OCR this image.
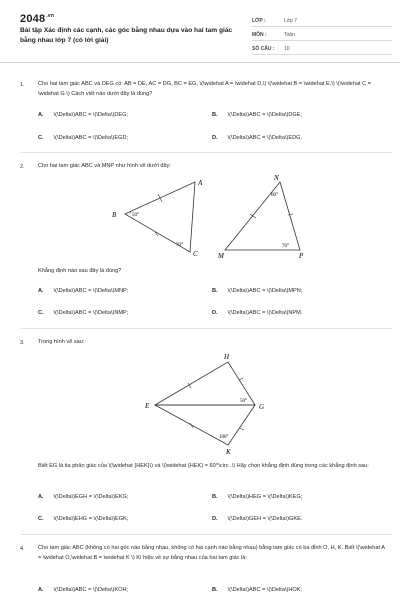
$2048^{.vn}$
Bài tập Xác định các cạnh, các góc bằng nhau dựa vào hai tam giác bằng nhau lớp 7 (có lời giải)
LỚP :	Lớp 7
MÔN :	Toán
SỐ CÂU : 10
1. Cho hai tam giác ABC và DEG có: AB = DE, AC = DG, BC = EG, \(\widehat A = \widehat D,\) \(\widehat B = \widehat E,\) \(\widehat C = \widehat G.\) Cách viết nào dưới đây là đúng?
A. \(\Delta\)ABC = \(\Delta\)DEG;	B. \(\Delta\)ABC = \(\Delta\)DGE;
C. \(\Delta\)ABC = \(\Delta\)EGD;	D. \(\Delta\)ABC = \(\Delta\)EDG.
2. Cho hai tam giác ABC và MNP như hình vẽ dưới đây:
B
A
C
50°
70°
N
M	P
60°
70°
Khẳng định nào sau đây là đúng?
A. \(\Delta\)ABC = \(\Delta\)MNP;	B. \(\Delta\)ABC = \(\Delta\)MPN;
C. \(\Delta\)ABC = \(\Delta\)NMP;	D. \(\Delta\)ABC = \(\Delta\)NPM.
3. Trong hình vẽ sau:
H
E	G
K
50°
100°
Biết EG là tia phân giác của \(\widehat {HEK}\) và \(\widehat {HEK} = 60^\circ .\) Hãy chọn khẳng định đúng trong các khẳng định sau:
A. \(\Delta\)EGH = \(\Delta\)EKG;	B. \(\Delta\)HEG = \(\Delta\)KEG;
C. \(\Delta\)EHG = \(\Delta\)EGK;	D. \(\Delta\)GEH = \(\Delta\)GKE.
4. Cho tam giác ABC (không có hai góc nào bằng nhau, không có hai cạnh nào bằng nhau) bằng tam giác có ba đỉnh O, H, K. Biết \(\widehat A = \widehat O,\widehat B = \widehat K \) Kí hiệu về sự bằng nhau của hai tam giác là:
A. \(\Delta\)ABC = \(\Delta\)KOH;	B. \(\Delta\)ABC = \(\Delta\)HOK;
